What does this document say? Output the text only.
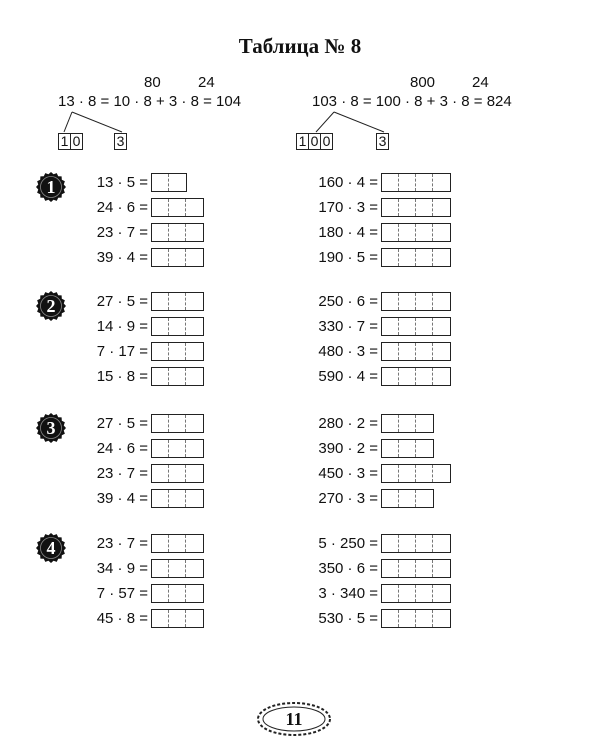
Таблица № 8
80 24
13 · 8 = 10 · 8 + 3 · 8 = 104
1 0	3
800 24
103 · 8 = 100 · 8 + 3 · 8 = 824
1 0 0	3
1	13 · 5 =
24 · 6 =
23 · 7 =
39 · 4 =
160 · 4 =
170 · 3 =
180 · 4 =
190 · 5 =
2	27 · 5 =
14 · 9 =
7 · 17 =
15 · 8 =
250 · 6 =
330 · 7 =
480 · 3 =
590 · 4 =
3	27 · 5 =
24 · 6 =
23 · 7 =
39 · 4 =
280 · 2 =
390 · 2 =
450 · 3 =
270 · 3 =
4	23 · 7 =
34 · 9 =
7 · 57 =
45 · 8 =
5 · 250 =
350 · 6 =
3 · 340 =
530 · 5 =
11
